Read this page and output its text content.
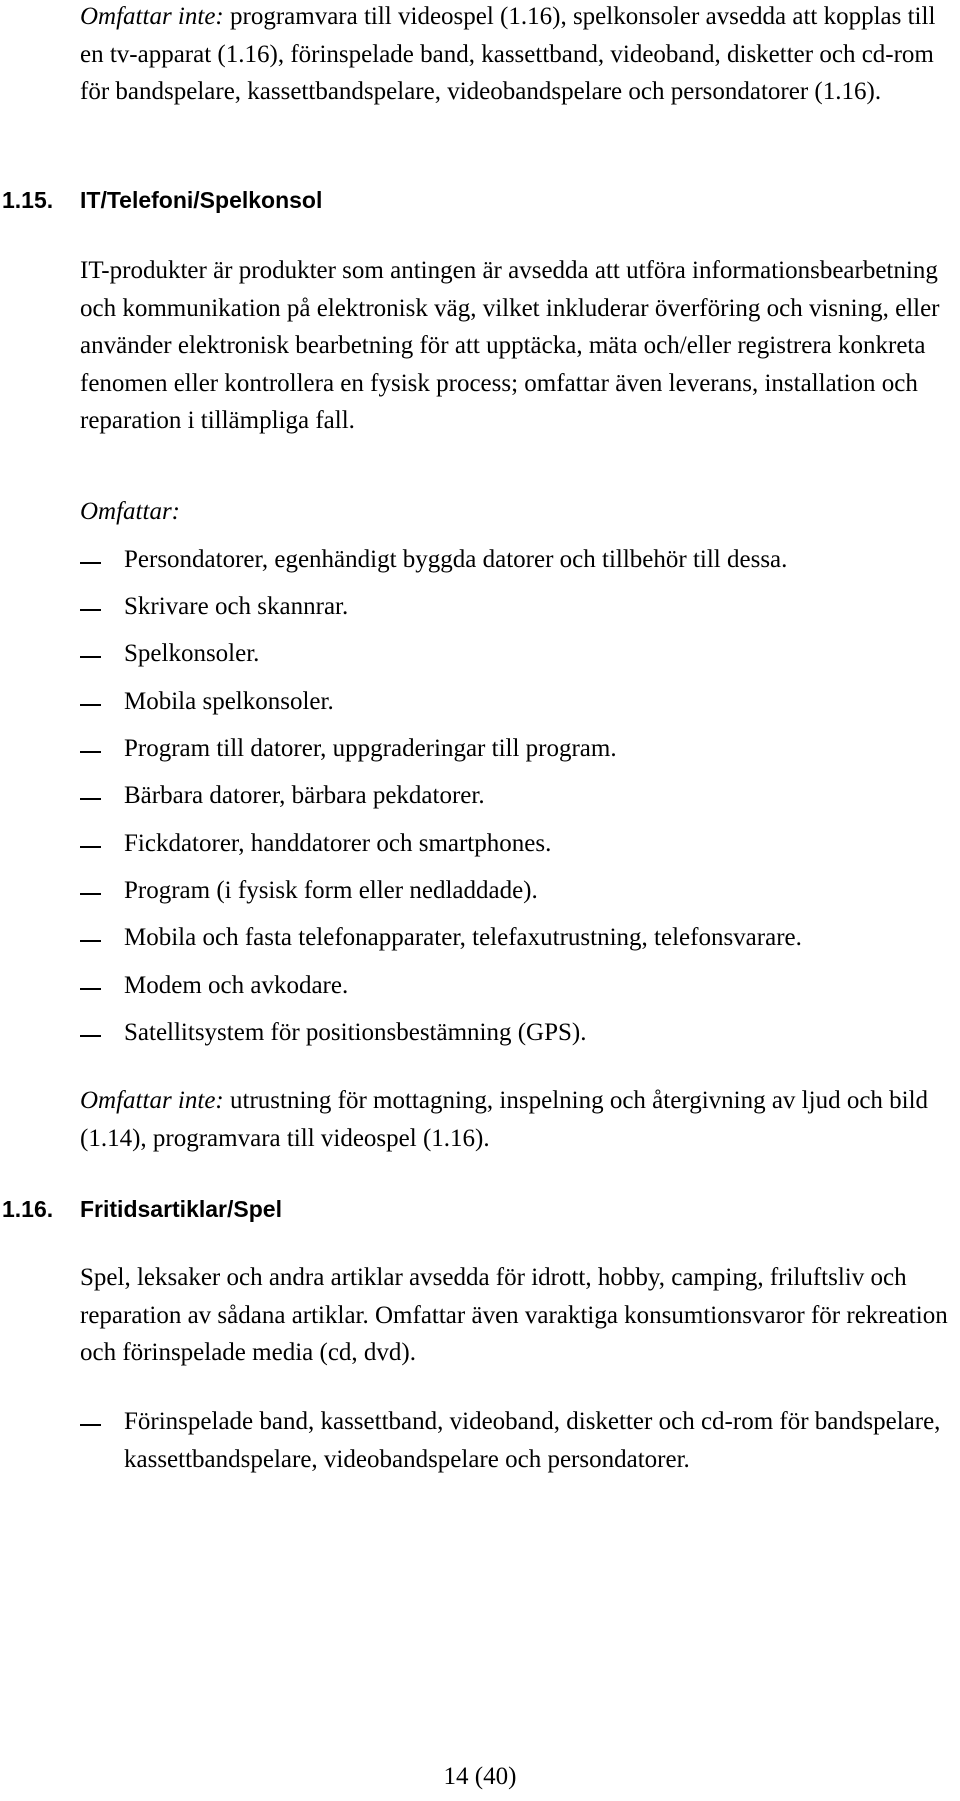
Omfattar inte: programvara till videospel (1.16), spelkonsoler avsedda att kopplas till en tv-apparat (1.16), förinspelade band, kassettband, videoband, disketter och cd-rom för bandspelare, kassettbandspelare, videobandspelare och persondatorer (1.16).

1.15. IT/Telefoni/Spelkonsol

IT-produkter är produkter som antingen är avsedda att utföra informationsbearbetning och kommunikation på elektronisk väg, vilket inkluderar överföring och visning, eller använder elektronisk bearbetning för att upptäcka, mäta och/eller registrera konkreta fenomen eller kontrollera en fysisk process; omfattar även leverans, installation och reparation i tillämpliga fall.

Omfattar:

Persondatorer, egenhändigt byggda datorer och tillbehör till dessa.
Skrivare och skannrar.
Spelkonsoler.
Mobila spelkonsoler.
Program till datorer, uppgraderingar till program.
Bärbara datorer, bärbara pekdatorer.
Fickdatorer, handdatorer och smartphones.
Program (i fysisk form eller nedladdade).
Mobila och fasta telefonapparater, telefaxutrustning, telefonsvarare.
Modem och avkodare.
Satellitsystem för positionsbestämning (GPS).

Omfattar inte: utrustning för mottagning, inspelning och återgivning av ljud och bild (1.14), programvara till videospel (1.16).

1.16. Fritidsartiklar/Spel

Spel, leksaker och andra artiklar avsedda för idrott, hobby, camping, friluftsliv och reparation av sådana artiklar. Omfattar även varaktiga konsumtionsvaror för rekreation och förinspelade media (cd, dvd).

Förinspelade band, kassettband, videoband, disketter och cd-rom för bandspelare, kassettbandspelare, videobandspelare och persondatorer.
14 (40)
